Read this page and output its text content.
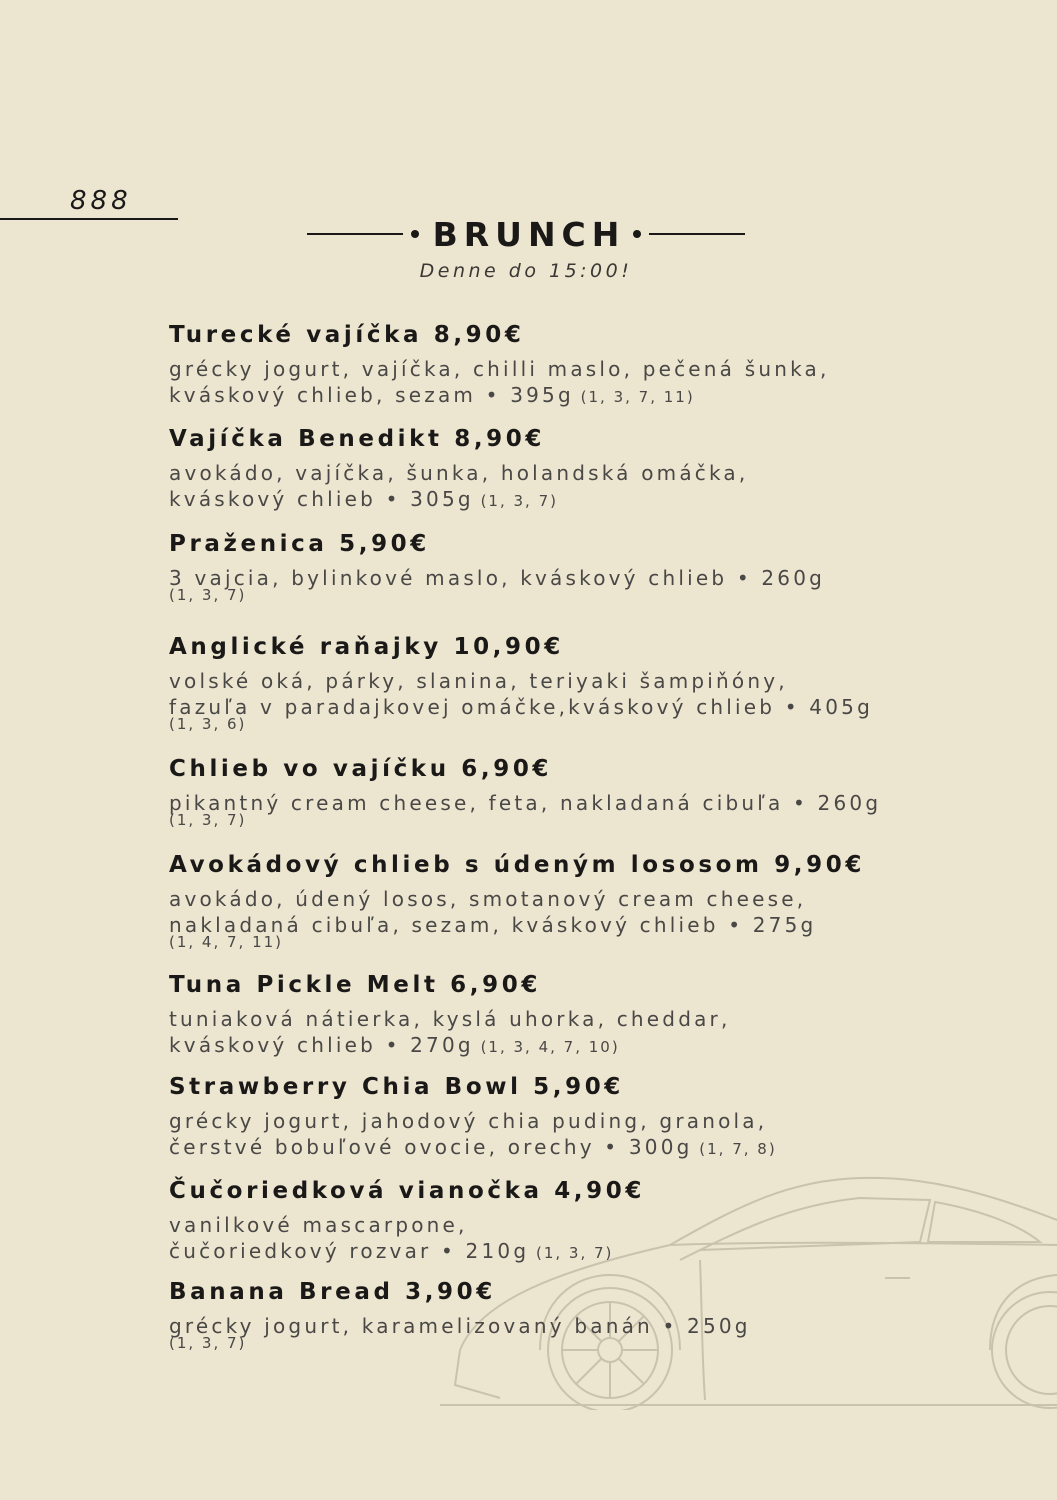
888
BRUNCH
Denne do 15:00!
Turecké vajíčka 8,90€
grécky jogurt, vajíčka, chilli maslo, pečená šunka,
kváskový chlieb, sezam • 395g (1, 3, 7, 11)
Vajíčka Benedikt 8,90€
avokádo, vajíčka, šunka, holandská omáčka,
kváskový chlieb • 305g (1, 3, 7)
Praženica 5,90€
3 vajcia, bylinkové maslo, kváskový chlieb • 260g
(1, 3, 7)
Anglické raňajky 10,90€
volské oká, párky, slanina, teriyaki šampiňóny,
fazuľa v paradajkovej omáčke,kváskový chlieb • 405g
(1, 3, 6)
Chlieb vo vajíčku 6,90€
pikantný cream cheese, feta, nakladaná cibuľa • 260g
(1, 3, 7)
Avokádový chlieb s údeným lososom 9,90€
avokádo, údený losos, smotanový cream cheese,
nakladaná cibuľa, sezam, kváskový chlieb • 275g
(1, 4, 7, 11)
Tuna Pickle Melt 6,90€
tuniaková nátierka, kyslá uhorka, cheddar,
kváskový chlieb • 270g (1, 3, 4, 7, 10)
Strawberry Chia Bowl 5,90€
grécky jogurt, jahodový chia puding, granola,
čerstvé bobuľové ovocie, orechy • 300g (1, 7, 8)
Čučoriedková vianočka 4,90€
vanilkové mascarpone,
čučoriedkový rozvar • 210g (1, 3, 7)
Banana Bread 3,90€
grécky jogurt, karamelizovaný banán • 250g
(1, 3, 7)
